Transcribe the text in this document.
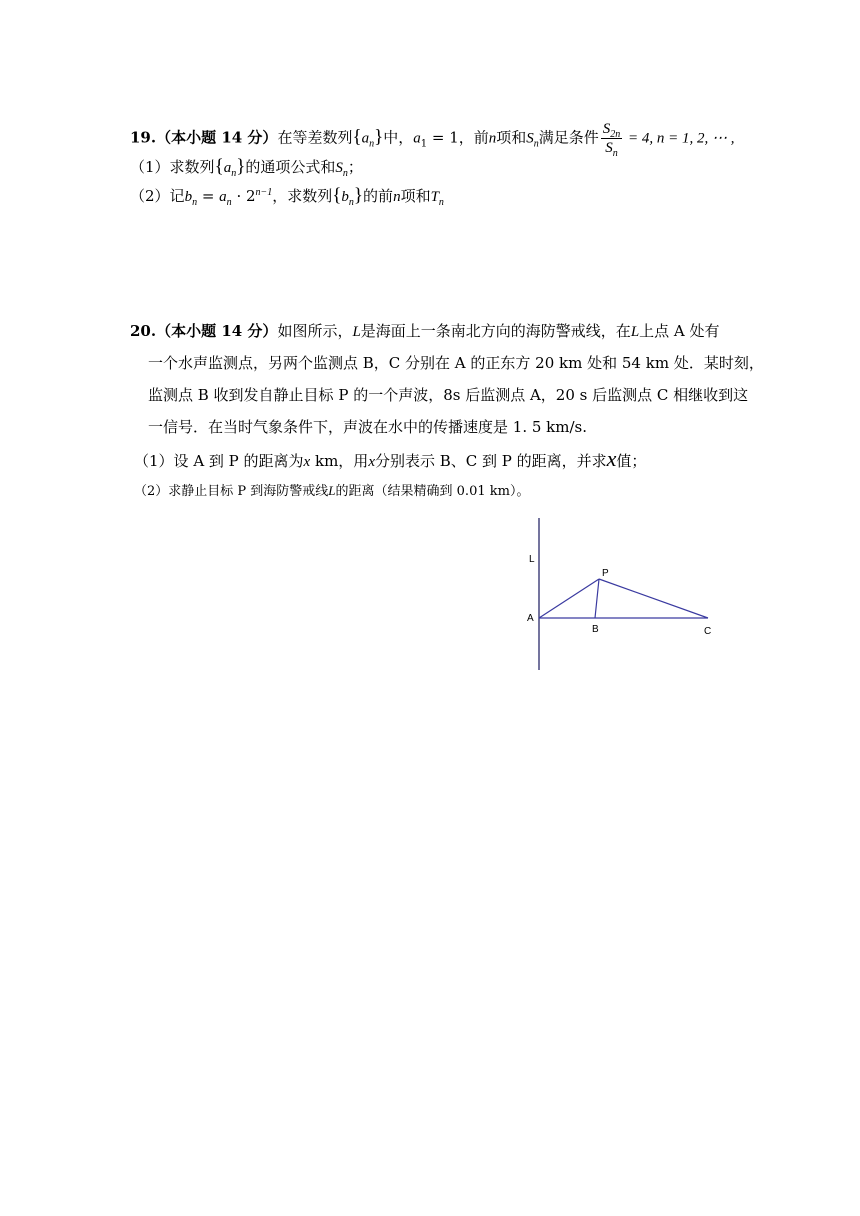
19.（本小题 14 分）在等差数列$\{a_n\}$中，$a_1 = 1$，前n项和$S_n$满足条件 $\frac{S_{2n}}{S_n} = 4$, n = 1, 2, ⋯ ,
（1）求数列$\{a_n\}$的通项公式和$S_n$；
（2）记$b_n = a_n \cdot 2^{n-1}$，求数列$\{b_n\}$的前n项和$T_n$
20.（本小题 14 分）如图所示，L是海面上一条南北方向的海防警戒线，在L上点 A 处有
一个水声监测点，另两个监测点 B，C 分别在 A 的正东方 20 km 处和 54 km 处．某时刻，
监测点 B 收到发自静止目标 P 的一个声波，8s 后监测点 A，20 s 后监测点 C 相继收到这
一信号．在当时气象条件下，声波在水中的传播速度是 1. 5 km/s.
（1）设 A 到 P 的距离为x km，用x分别表示 B、C 到 P 的距离，并求x值；
（2）求静止目标 P 到海防警戒线L的距离（结果精确到 0.01 km）。
L
P
A
B	C
